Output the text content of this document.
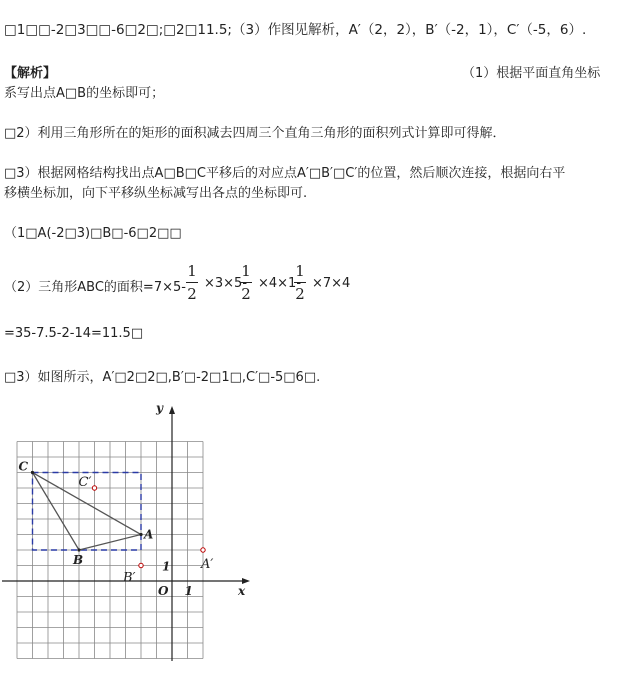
□1□□-2□3□□-6□2□;□2□11.5;（3）作图见解析，A′（2，2），B′（-2，1），C′（-5，6）.
【解析】	（1）根据平面直角坐标
系写出点A□B的坐标即可；
□2）利用三角形所在的矩形的面积减去四周三个直角三角形的面积列式计算即可得解．
□3）根据网格结构找出点A□B□C平移后的对应点A′□B′□C′的位置，然后顺次连接，根据向右平
移横坐标加，向下平移纵坐标减写出各点的坐标即可.
（1□A(-2□3)□B□-6□2□□
（2）三角形ABC的面积=7×5-
1
2
×3×5-
1
2
×4×1-
1
2
×7×4
=35-7.5-2-14=11.5□
□3）如图所示，A′□2□2□,B′□-2□1□,C′□-5□6□.
y
x
O 1
1
C
A
B
C′
A′
B′
